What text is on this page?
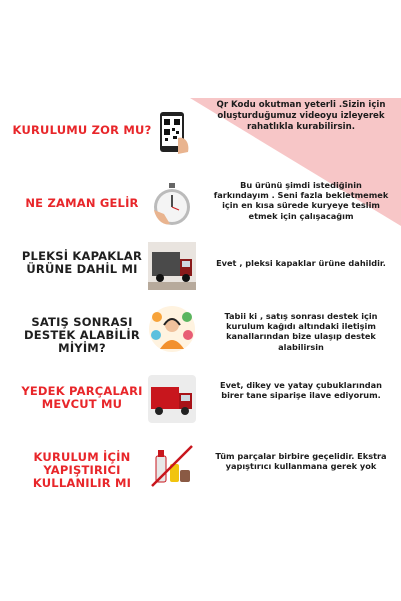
KURULUMU ZOR MU?
Qr Kodu okutman yeterli .Sizin için oluşturduğumuz videoyu izleyerek rahatlıkla kurabilirsin.
NE ZAMAN GELİR
Bu ürünü şimdi istediğinin farkındayım . Seni fazla bekletmemek için en kısa sürede kuryeye teslim etmek için çalışacağım
PLEKSİ KAPAKLAR ÜRÜNE DAHİL MI	Evet , pleksi kapaklar ürüne dahildir.
SATIŞ SONRASI DESTEK ALABİLİR MİYİM?
Tabii ki , satış sonrası destek için kurulum kağıdı altındaki iletişim kanallarından bize ulaşıp destek alabilirsin
YEDEK PARÇALARI MEVCUT MU
Evet, dikey ve yatay çubuklarından birer tane siparişe ilave ediyorum.
KURULUM İÇİN YAPIŞTIRICI KULLANILIR MI
Tüm parçalar birbire geçelidir. Ekstra yapıştırıcı kullanmana gerek yok
